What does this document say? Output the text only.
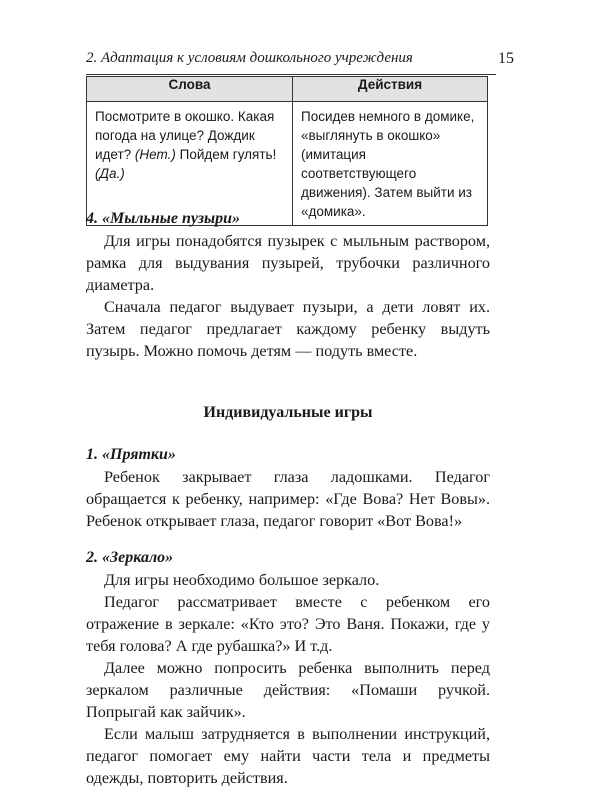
2. Адаптация к условиям дошкольного учреждения	15
Слова	Действия
Посмотрите в окошко. Какая погода на улице? Дождик идет? (Нет.) Пойдем гулять! (Да.)	Посидев немного в домике, «выглянуть в окошко» (имитация соответствующего движения). Затем выйти из «домика».
4. «Мыльные пузыри»

Для игры понадобятся пузырек с мыльным раствором, рамка для выдувания пузырей, трубочки различного диаметра.

Сначала педагог выдувает пузыри, а дети ловят их. Затем педагог предлагает каждому ребенку выдуть пузырь. Можно помочь детям — подуть вместе.

Индивидуальные игры
1. «Прятки»

Ребенок закрывает глаза ладошками. Педагог обращается к ребенку, например: «Где Вова? Нет Вовы». Ребенок открывает глаза, педагог говорит «Вот Вова!»

2. «Зеркало»

Для игры необходимо большое зеркало.

Педагог рассматривает вместе с ребенком его отражение в зеркале: «Кто это? Это Ваня. Покажи, где у тебя голова? А где рубашка?» И т.д.

Далее можно попросить ребенка выполнить перед зеркалом различные действия: «Помаши ручкой. Попрыгай как зайчик».

Если малыш затрудняется в выполнении инструкций, педагог помогает ему найти части тела и предметы одежды, повторить действия.
